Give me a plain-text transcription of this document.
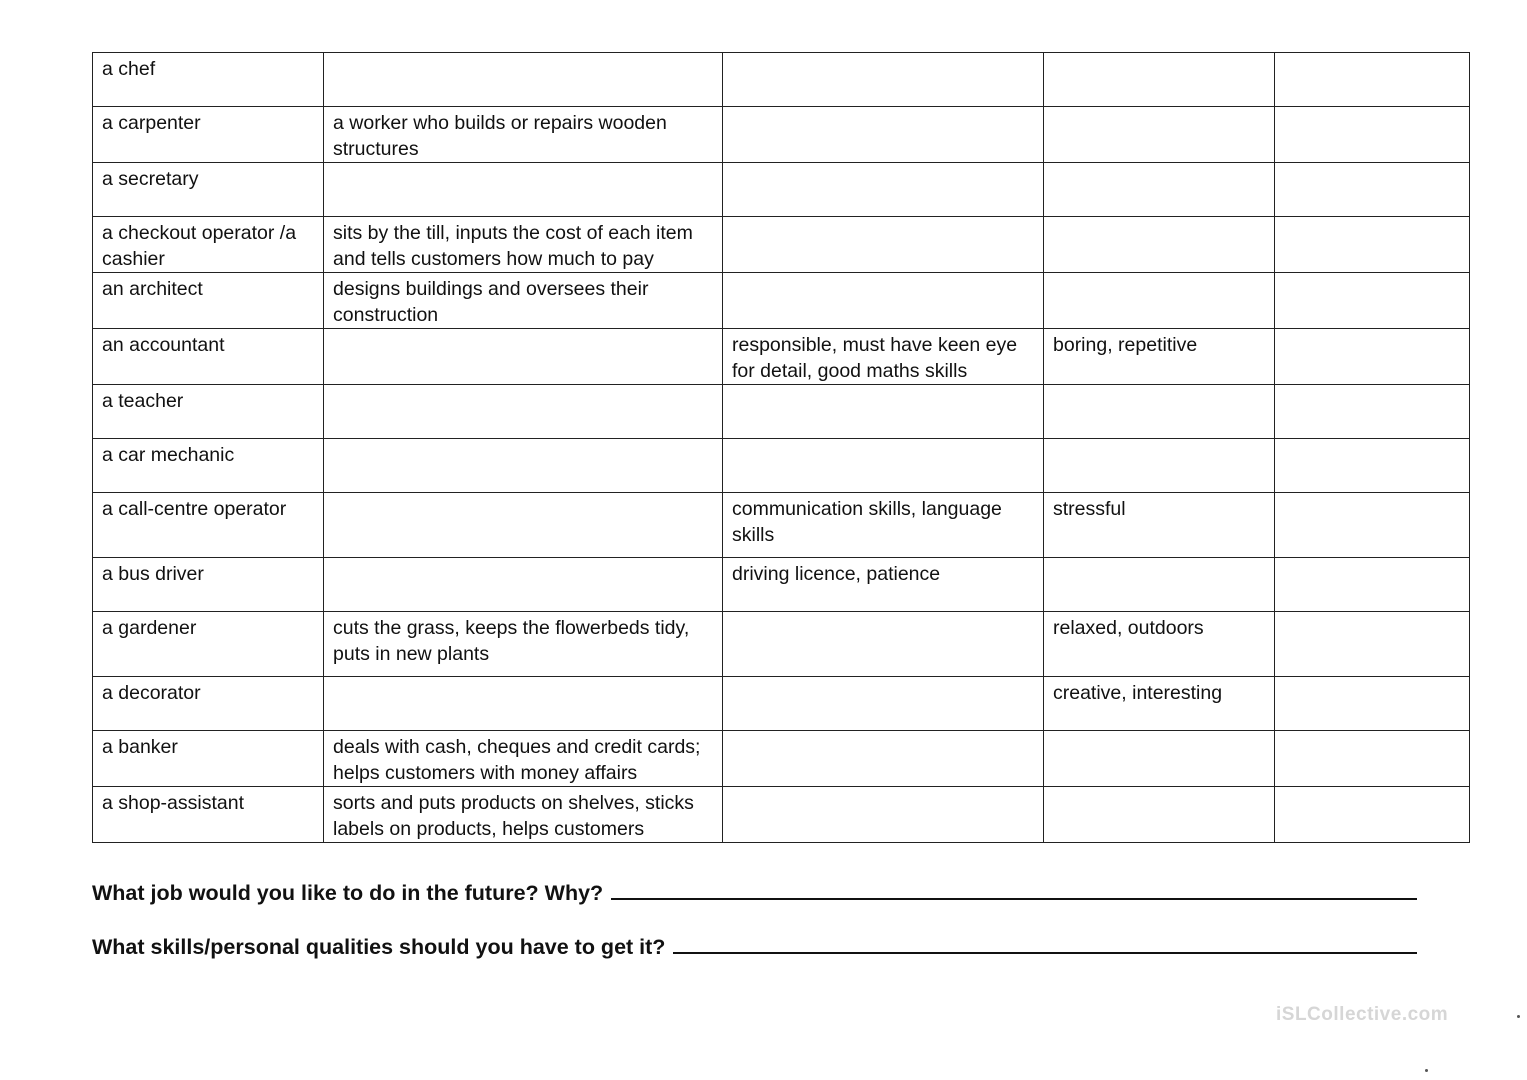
a chef				
a carpenter	a worker who builds or repairs wooden structures			
a secretary				
a checkout operator /a cashier	sits by the till, inputs the cost of each item and tells customers how much to pay			
an architect	designs buildings and oversees their construction			
an accountant		responsible, must have keen eye for detail, good maths skills	boring, repetitive	
a teacher				
a car mechanic				
a call-centre operator		communication skills, language skills	stressful	
a bus driver		driving licence, patience		
a gardener	cuts the grass, keeps the flowerbeds tidy, puts in new plants		relaxed, outdoors	
a decorator			creative, interesting	
a banker	deals with cash, cheques and credit cards; helps customers with money affairs			
a shop-assistant	sorts and puts products on shelves, sticks labels on products, helps customers			
What job would you like to do in the future? Why?
What skills/personal qualities should you have to get it?
iSLCollective.com
